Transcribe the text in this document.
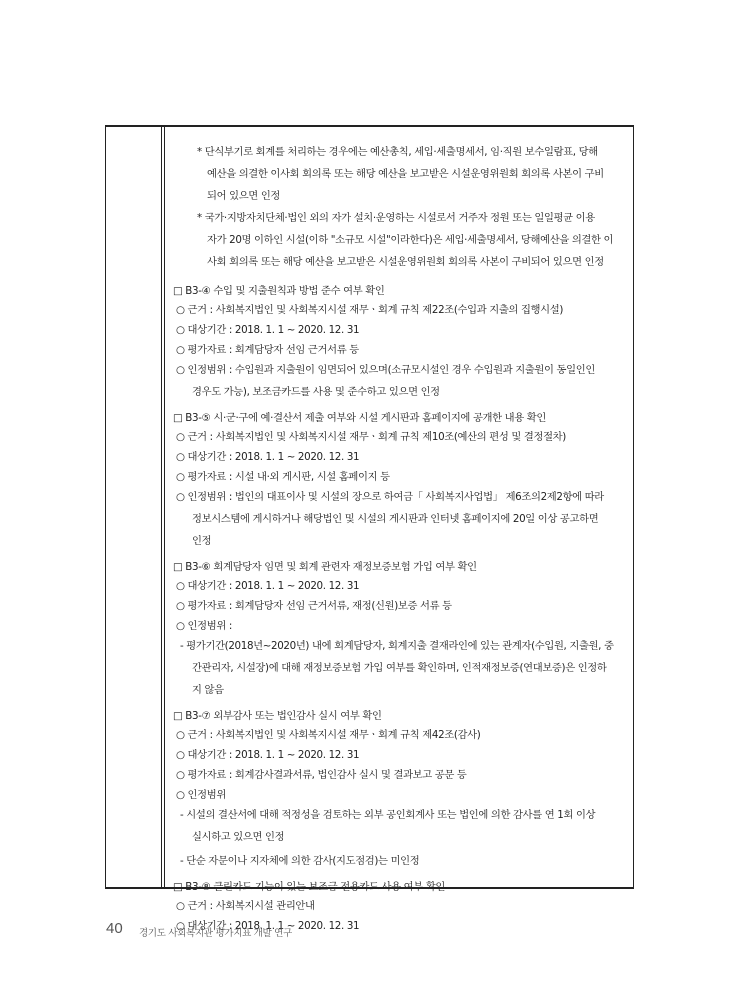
* 단식부기로 회계를 처리하는 경우에는 예산총칙, 세입·세출명세서, 임·직원 보수일람표, 당해
예산을 의결한 이사회 회의록 또는 해당 예산을 보고받은 시설운영위원회 회의록 사본이 구비
되어 있으면 인정
* 국가·지방자치단체·법인 외의 자가 설치·운영하는 시설로서 거주자 정원 또는 일일평균 이용
자가 20명 이하인 시설(이하 "소규모 시설"이라한다)은 세입·세출명세서, 당해예산을 의결한 이
사회 회의록 또는 해당 예산을 보고받은 시설운영위원회 회의록 사본이 구비되어 있으면 인정
□ B3-④ 수입 및 지출원칙과 방법 준수 여부 확인
○ 근거 : 사회복지법인 및 사회복지시설 재무ㆍ회계 규칙 제22조(수입과 지출의 집행시설)
○ 대상기간 : 2018. 1. 1 ~ 2020. 12. 31
○ 평가자료 : 회계담당자 선임 근거서류 등
○ 인정범위 : 수입원과 지출원이 임면되어 있으며(소규모시설인 경우 수입원과 지출원이 동일인인
경우도 가능), 보조금카드를 사용 및 준수하고 있으면 인정
□ B3-⑤ 시·군·구에 예·결산서 제출 여부와 시설 게시판과 홈페이지에 공개한 내용 확인
○ 근거 : 사회복지법인 및 사회복지시설 재무ㆍ회계 규칙 제10조(예산의 편성 및 결정절차)
○ 대상기간 : 2018. 1. 1 ~ 2020. 12. 31
○ 평가자료 : 시설 내·외 게시판, 시설 홈페이지 등
○ 인정범위 : 법인의 대표이사 및 시설의 장으로 하여금「 사회복지사업법」 제6조의2제2항에 따라
정보시스템에 게시하거나 해당법인 및 시설의 게시판과 인터넷 홈페이지에 20일 이상 공고하면
인정
□ B3-⑥ 회계담당자 임면 및 회계 관련자 재정보증보험 가입 여부 확인
○ 대상기간 : 2018. 1. 1 ~ 2020. 12. 31
○ 평가자료 : 회계담당자 선임 근거서류, 재정(신원)보증 서류 등
○ 인정범위 :
- 평가기간(2018년~2020년) 내에 회계담당자, 회계지출 결재라인에 있는 관계자(수입원, 지출원, 중
간관리자, 시설장)에 대해 재정보증보험 가입 여부를 확인하며, 인적재정보증(연대보증)은 인정하
지 않음
□ B3-⑦ 외부감사 또는 법인감사 실시 여부 확인
○ 근거 : 사회복지법인 및 사회복지시설 재무ㆍ회계 규칙 제42조(감사)
○ 대상기간 : 2018. 1. 1 ~ 2020. 12. 31
○ 평가자료 : 회계감사결과서류, 법인감사 실시 및 결과보고 공문 등
○ 인정범위
- 시설의 결산서에 대해 적정성을 검토하는 외부 공인회계사 또는 법인에 의한 감사를 연 1회 이상
실시하고 있으면 인정
- 단순 자문이나 지자체에 의한 감사(지도점검)는 미인정
□ B3-⑧ 클린카드 기능이 있는 보조금 전용카드 사용 여부 확인
○ 근거 : 사회복지시설 관리안내
○ 대상기간 : 2018. 1. 1 ~ 2020. 12. 31
40 경기도 사회복지관 평가지표 개발 연구
